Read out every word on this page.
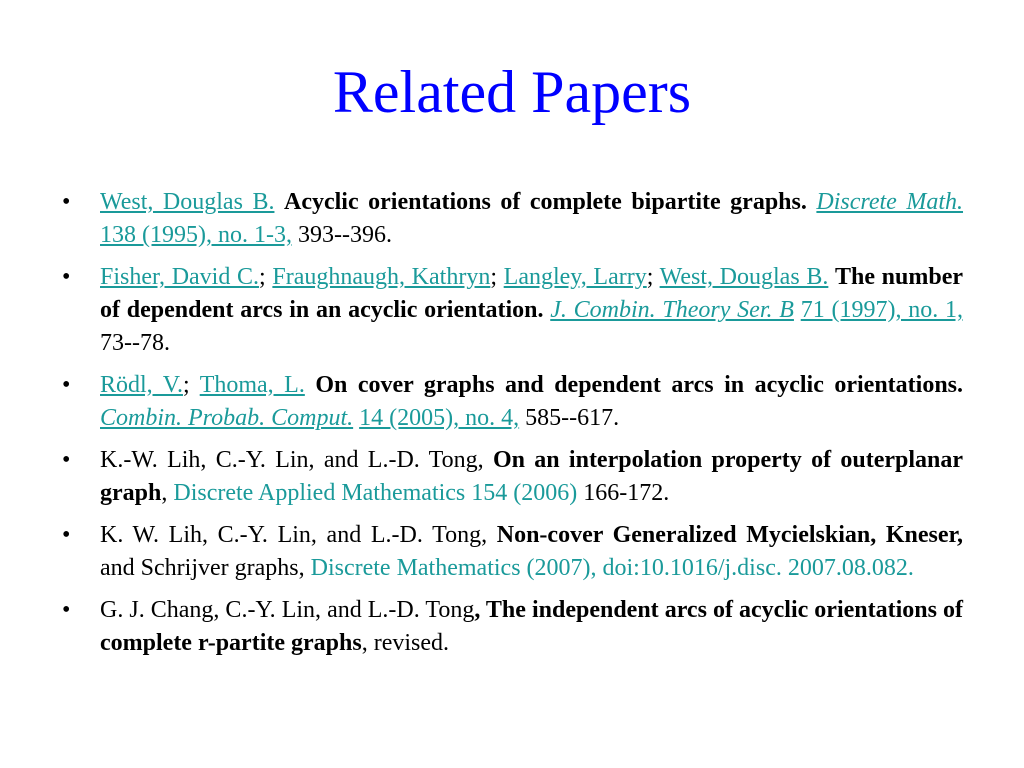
Related Papers
•	West, Douglas B. Acyclic orientations of complete bipartite graphs. Discrete Math. 138 (1995), no. 1-3, 393--396.
•	Fisher, David C.; Fraughnaugh, Kathryn; Langley, Larry; West, Douglas B. The number of dependent arcs in an acyclic orientation. J. Combin. Theory Ser. B 71 (1997), no. 1, 73--78.
•	Rödl, V.; Thoma, L. On cover graphs and dependent arcs in acyclic orientations. Combin. Probab. Comput. 14 (2005), no. 4, 585--617.
•	K.-W. Lih, C.-Y. Lin, and L.-D. Tong, On an interpolation property of outerplanar graph, Discrete Applied Mathematics 154 (2006) 166-172.
•	K. W. Lih, C.-Y. Lin, and L.-D. Tong, Non-cover Generalized Mycielskian, Kneser, and Schrijver graphs, Discrete Mathematics (2007), doi:10.1016/j.disc. 2007.08.082.
•	G. J. Chang, C.-Y. Lin, and L.-D. Tong, The independent arcs of acyclic orientations of complete r-partite graphs, revised.
